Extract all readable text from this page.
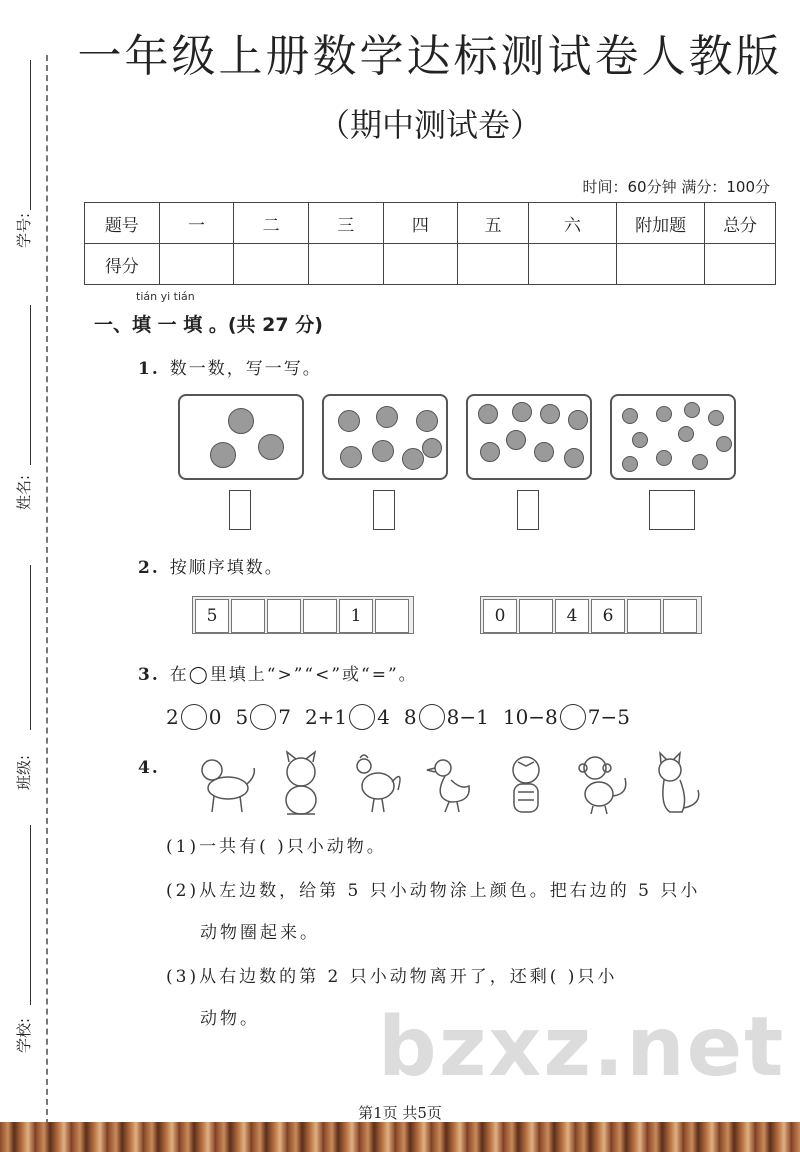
学号:
姓名:
班级:
学校:
一年级上册数学达标测试卷人教版
（期中测试卷）
时间：60分钟 满分：100分
题号	一	二	三	四	五	六	附加题	总分
得分								
tián yi tián
一、填 一 填 。(共 27 分)
1. 数一数，写一写。
2. 按顺序填数。
5	1	0	4	6
3. 在◯里填上“>”“<”或“=”。
2 0 5 7 2+1 4 8 8−1 10−8 7−5
4.
(1)一共有( )只小动物。
(2)从左边数，给第 5 只小动物涂上颜色。把右边的 5 只小
动物圈起来。
(3)从右边数的第 2 只小动物离开了，还剩( )只小
动物。 bzxz.net
第1页 共5页
